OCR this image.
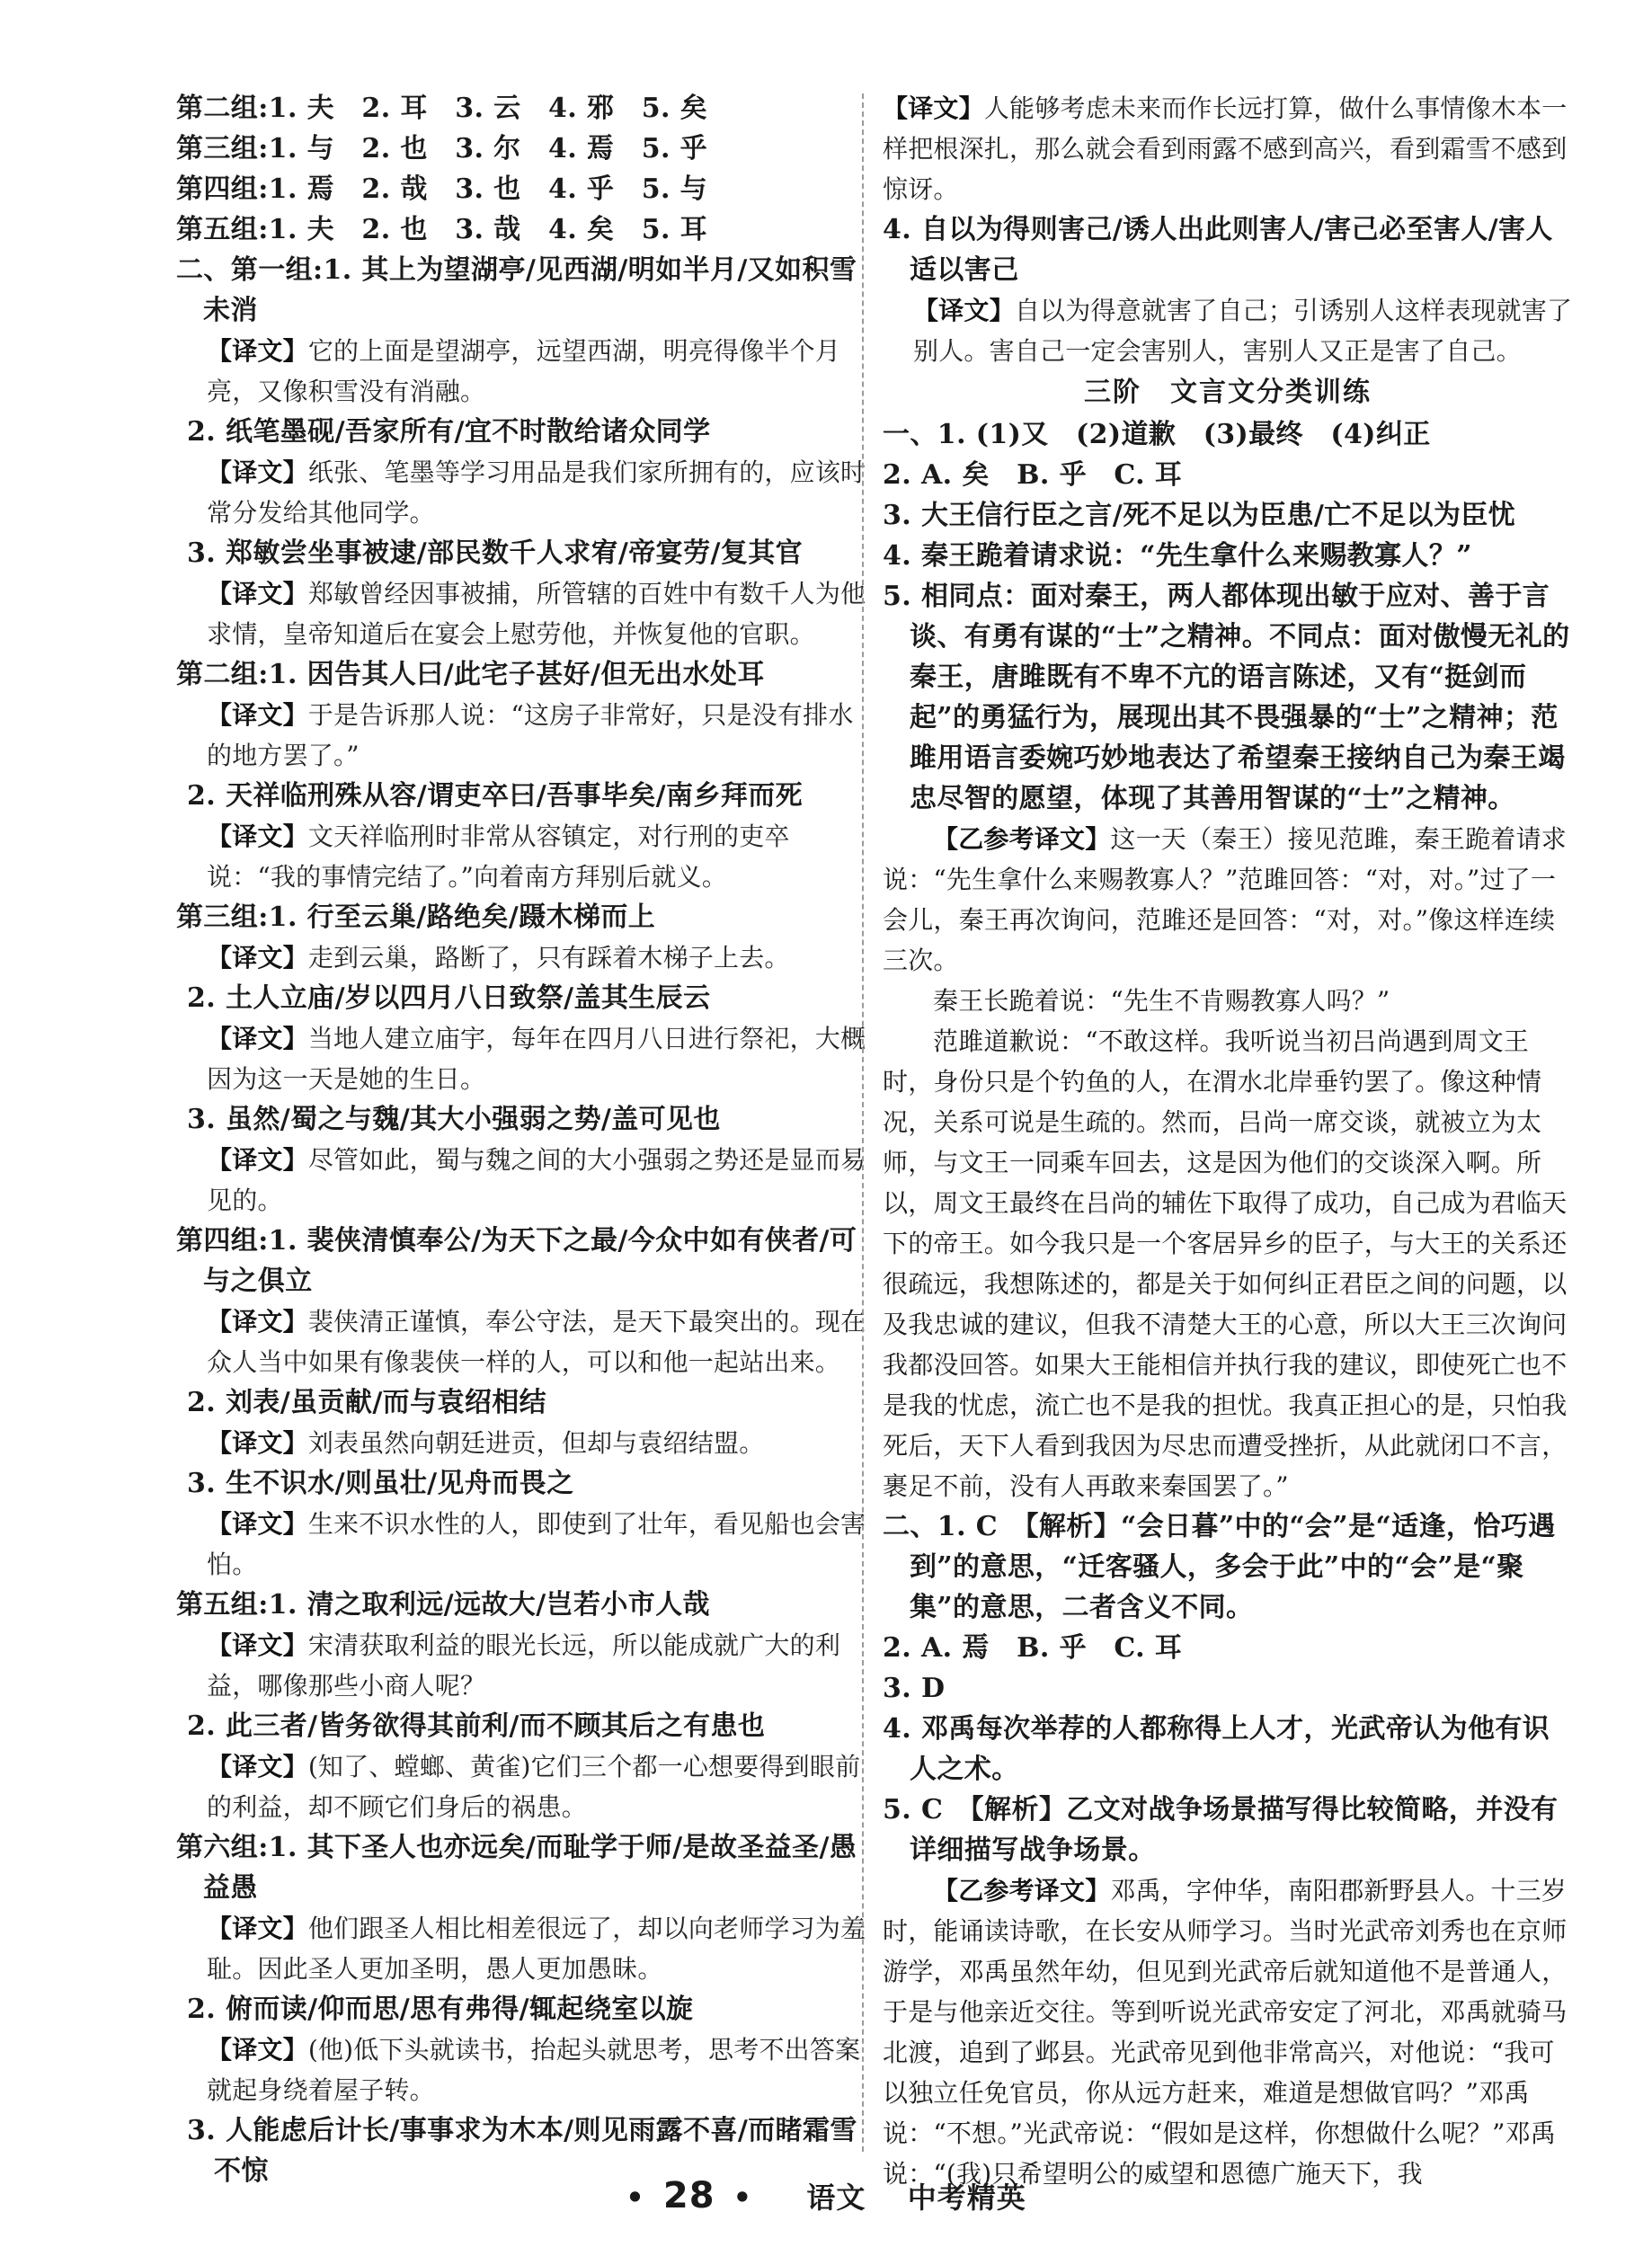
第二组:1. 夫　2. 耳　3. 云　4. 邪　5. 矣
第三组:1. 与　2. 也　3. 尔　4. 焉　5. 乎
第四组:1. 焉　2. 哉　3. 也　4. 乎　5. 与
第五组:1. 夫　2. 也　3. 哉　4. 矣　5. 耳
二、第一组:1. 其上为望湖亭/见西湖/明如半月/又如积雪未消
【译文】它的上面是望湖亭，远望西湖，明亮得像半个月亮，又像积雪没有消融。
2. 纸笔墨砚/吾家所有/宜不时散给诸众同学
【译文】纸张、笔墨等学习用品是我们家所拥有的，应该时常分发给其他同学。
3. 郑敏尝坐事被逮/部民数千人求宥/帝宴劳/复其官
【译文】郑敏曾经因事被捕，所管辖的百姓中有数千人为他求情，皇帝知道后在宴会上慰劳他，并恢复他的官职。
第二组:1. 因告其人曰/此宅子甚好/但无出水处耳
【译文】于是告诉那人说：“这房子非常好，只是没有排水的地方罢了。”
2. 天祥临刑殊从容/谓吏卒曰/吾事毕矣/南乡拜而死
【译文】文天祥临刑时非常从容镇定，对行刑的吏卒说：“我的事情完结了。”向着南方拜别后就义。
第三组:1. 行至云巢/路绝矣/蹑木梯而上
【译文】走到云巢，路断了，只有踩着木梯子上去。
2. 土人立庙/岁以四月八日致祭/盖其生辰云
【译文】当地人建立庙宇，每年在四月八日进行祭祀，大概因为这一天是她的生日。
3. 虽然/蜀之与魏/其大小强弱之势/盖可见也
【译文】尽管如此，蜀与魏之间的大小强弱之势还是显而易见的。
第四组:1. 裴侠清慎奉公/为天下之最/今众中如有侠者/可与之俱立
【译文】裴侠清正谨慎，奉公守法，是天下最突出的。现在众人当中如果有像裴侠一样的人，可以和他一起站出来。
2. 刘表/虽贡献/而与袁绍相结
【译文】刘表虽然向朝廷进贡，但却与袁绍结盟。
3. 生不识水/则虽壮/见舟而畏之
【译文】生来不识水性的人，即使到了壮年，看见船也会害怕。
第五组:1. 清之取利远/远故大/岂若小市人哉
【译文】宋清获取利益的眼光长远，所以能成就广大的利益，哪像那些小商人呢？
2. 此三者/皆务欲得其前利/而不顾其后之有患也
【译文】(知了、螳螂、黄雀)它们三个都一心想要得到眼前的利益，却不顾它们身后的祸患。
第六组:1. 其下圣人也亦远矣/而耻学于师/是故圣益圣/愚益愚
【译文】他们跟圣人相比相差很远了，却以向老师学习为羞耻。因此圣人更加圣明，愚人更加愚昧。
2. 俯而读/仰而思/思有弗得/辄起绕室以旋
【译文】(他)低下头就读书，抬起头就思考，思考不出答案就起身绕着屋子转。
3. 人能虑后计长/事事求为木本/则见雨露不喜/而睹霜雪不惊
【译文】人能够考虑未来而作长远打算，做什么事情像木本一样把根深扎，那么就会看到雨露不感到高兴，看到霜雪不感到惊讶。
4. 自以为得则害己/诱人出此则害人/害己必至害人/害人适以害己
【译文】自以为得意就害了自己；引诱别人这样表现就害了别人。害自己一定会害别人，害别人又正是害了自己。
三阶　文言文分类训练
一、1. (1)又　(2)道歉　(3)最终　(4)纠正
2. A. 矣　B. 乎　C. 耳
3. 大王信行臣之言/死不足以为臣患/亡不足以为臣忧
4. 秦王跪着请求说：“先生拿什么来赐教寡人？”
5. 相同点：面对秦王，两人都体现出敏于应对、善于言谈、有勇有谋的“士”之精神。不同点：面对傲慢无礼的秦王，唐雎既有不卑不亢的语言陈述，又有“挺剑而起”的勇猛行为，展现出其不畏强暴的“士”之精神；范雎用语言委婉巧妙地表达了希望秦王接纳自己为秦王竭忠尽智的愿望，体现了其善用智谋的“士”之精神。
【乙参考译文】这一天（秦王）接见范雎，秦王跪着请求说：“先生拿什么来赐教寡人？”范雎回答：“对，对。”过了一会儿，秦王再次询问，范雎还是回答：“对，对。”像这样连续三次。
秦王长跪着说：“先生不肯赐教寡人吗？”
范雎道歉说：“不敢这样。我听说当初吕尚遇到周文王时，身份只是个钓鱼的人，在渭水北岸垂钓罢了。像这种情况，关系可说是生疏的。然而，吕尚一席交谈，就被立为太师，与文王一同乘车回去，这是因为他们的交谈深入啊。所以，周文王最终在吕尚的辅佐下取得了成功，自己成为君临天下的帝王。如今我只是一个客居异乡的臣子，与大王的关系还很疏远，我想陈述的，都是关于如何纠正君臣之间的问题，以及我忠诚的建议，但我不清楚大王的心意，所以大王三次询问我都没回答。如果大王能相信并执行我的建议，即使死亡也不是我的忧虑，流亡也不是我的担忧。我真正担心的是，只怕我死后，天下人看到我因为尽忠而遭受挫折，从此就闭口不言，裹足不前，没有人再敢来秦国罢了。”
二、1. C　【解析】“会日暮”中的“会”是“适逢，恰巧遇到”的意思，“迁客骚人，多会于此”中的“会”是“聚集”的意思，二者含义不同。
2. A. 焉　B. 乎　C. 耳
3. D
4. 邓禹每次举荐的人都称得上人才，光武帝认为他有识人之术。
5. C　【解析】乙文对战争场景描写得比较简略，并没有详细描写战争场景。
【乙参考译文】邓禹，字仲华，南阳郡新野县人。十三岁时，能诵读诗歌，在长安从师学习。当时光武帝刘秀也在京师游学，邓禹虽然年幼，但见到光武帝后就知道他不是普通人，于是与他亲近交往。等到听说光武帝安定了河北，邓禹就骑马北渡，追到了邺县。光武帝见到他非常高兴，对他说：“我可以独立任免官员，你从远方赶来，难道是想做官吗？”邓禹说：“不想。”光武帝说：“假如是这样，你想做什么呢？”邓禹说：“(我)只希望明公的威望和恩德广施天下，我
• 28 • 语文 中考精英
